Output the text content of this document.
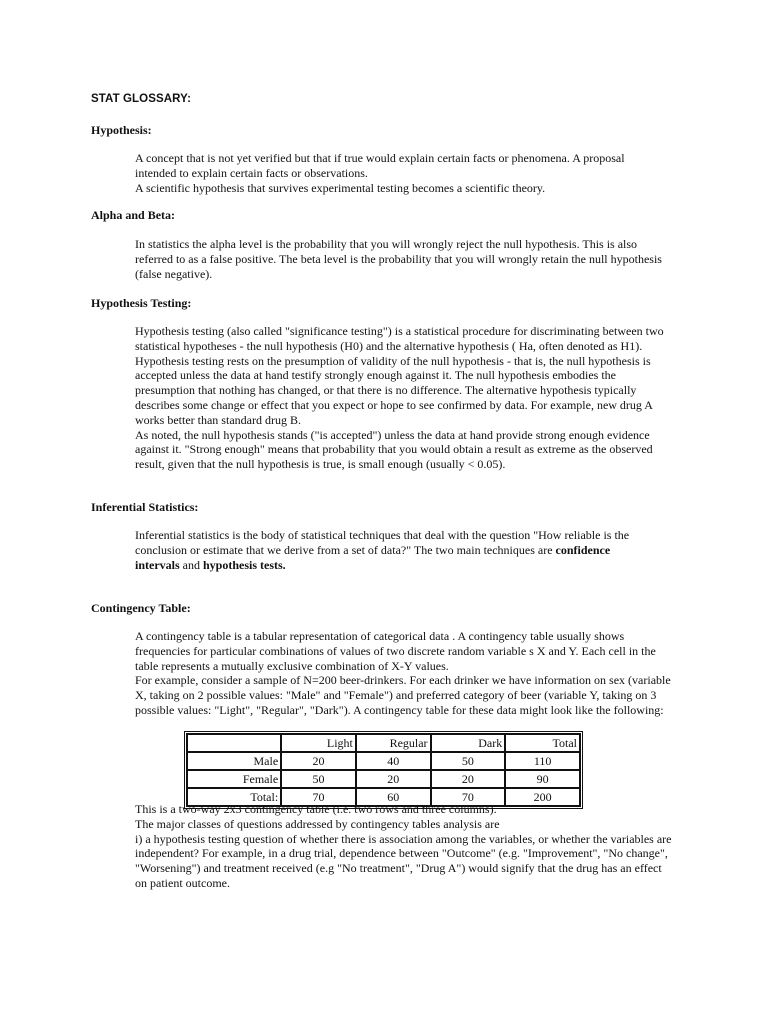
STAT GLOSSARY:
Hypothesis:

A concept that is not yet verified but that if true would explain certain facts or phenomena. A proposal intended to explain certain facts or observations.

A scientific hypothesis that survives experimental testing becomes a scientific theory.

Alpha and Beta:

In statistics the alpha level is the probability that you will wrongly reject the null hypothesis. This is also referred to as a false positive. The beta level is the probability that you will wrongly retain the null hypothesis (false negative).

Hypothesis Testing:

Hypothesis testing (also called "significance testing") is a statistical procedure for discriminating between two statistical hypotheses - the null hypothesis (H0) and the alternative hypothesis ( Ha, often denoted as H1). Hypothesis testing rests on the presumption of validity of the null hypothesis - that is, the null hypothesis is accepted unless the data at hand testify strongly enough against it. The null hypothesis embodies the presumption that nothing has changed, or that there is no difference. The alternative hypothesis typically describes some change or effect that you expect or hope to see confirmed by data. For example, new drug A works better than standard drug B.

As noted, the null hypothesis stands ("is accepted") unless the data at hand provide strong enough evidence against it. "Strong enough" means that probability that you would obtain a result as extreme as the observed result, given that the null hypothesis is true, is small enough (usually < 0.05).

Inferential Statistics:

Inferential statistics is the body of statistical techniques that deal with the question "How reliable is the conclusion or estimate that we derive from a set of data?" The two main techniques are confidence intervals and hypothesis tests.

Contingency Table:

A contingency table is a tabular representation of categorical data . A contingency table usually shows frequencies for particular combinations of values of two discrete random variable s X and Y. Each cell in the table represents a mutually exclusive combination of X-Y values.

For example, consider a sample of N=200 beer-drinkers. For each drinker we have information on sex (variable X, taking on 2 possible values: "Male" and "Female") and preferred category of beer (variable Y, taking on 3 possible values: "Light", "Regular", "Dark"). A contingency table for these data might look like the following:

	Light	Regular	Dark	Total
Male	20	40	50	110
Female	50	20	20	90
Total:	70	60	70	200

This is a two-way 2x3 contingency table (i.e. two rows and three columns).

The major classes of questions addressed by contingency tables analysis are

i) a hypothesis testing question of whether there is association among the variables, or whether the variables are independent? For example, in a drug trial, dependence between "Outcome" (e.g. "Improvement", "No change", "Worsening") and treatment received (e.g "No treatment", "Drug A") would signify that the drug has an effect on patient outcome.
